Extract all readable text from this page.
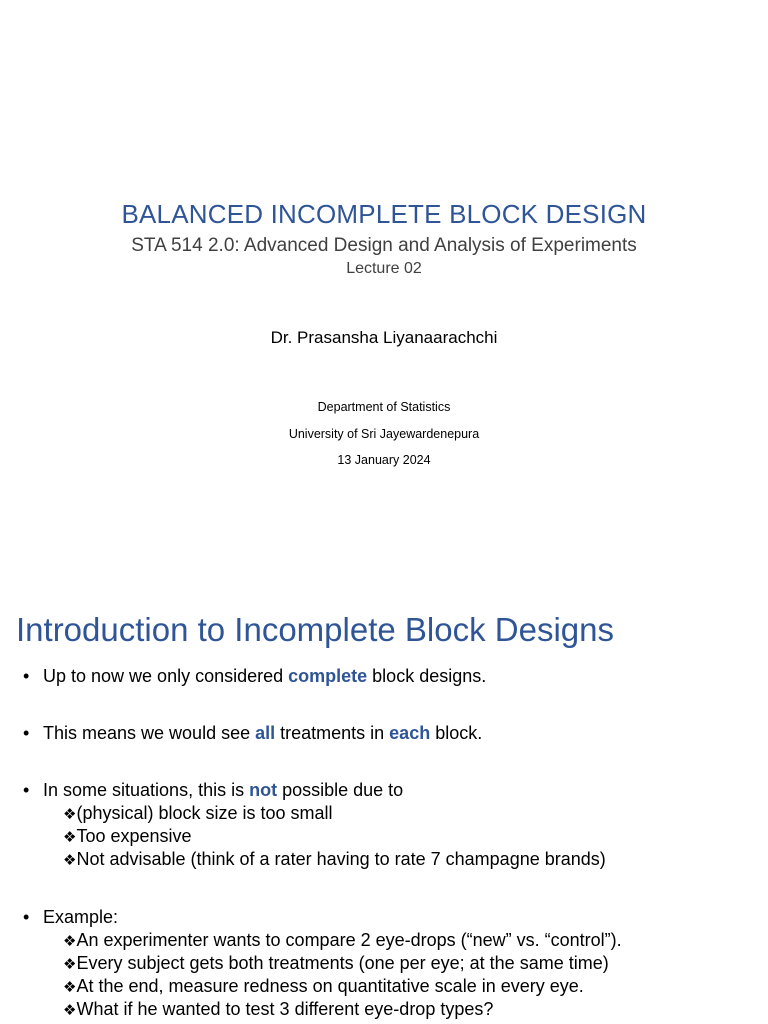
BALANCED INCOMPLETE BLOCK DESIGN
STA 514 2.0: Advanced Design and Analysis of Experiments
Lecture 02
Dr. Prasansha Liyanaarachchi
Department of Statistics
University of Sri Jayewardenepura
13 January 2024
Introduction to Incomplete Block Designs
• Up to now we only considered complete block designs.
• This means we would see all treatments in each block.
• In some situations, this is not possible due to
❖(physical) block size is too small
❖Too expensive
❖Not advisable (think of a rater having to rate 7 champagne brands)
• Example:
❖An experimenter wants to compare 2 eye-drops (“new” vs. “control”).
❖Every subject gets both treatments (one per eye; at the same time)
❖At the end, measure redness on quantitative scale in every eye.
❖What if he wanted to test 3 different eye-drop types?
